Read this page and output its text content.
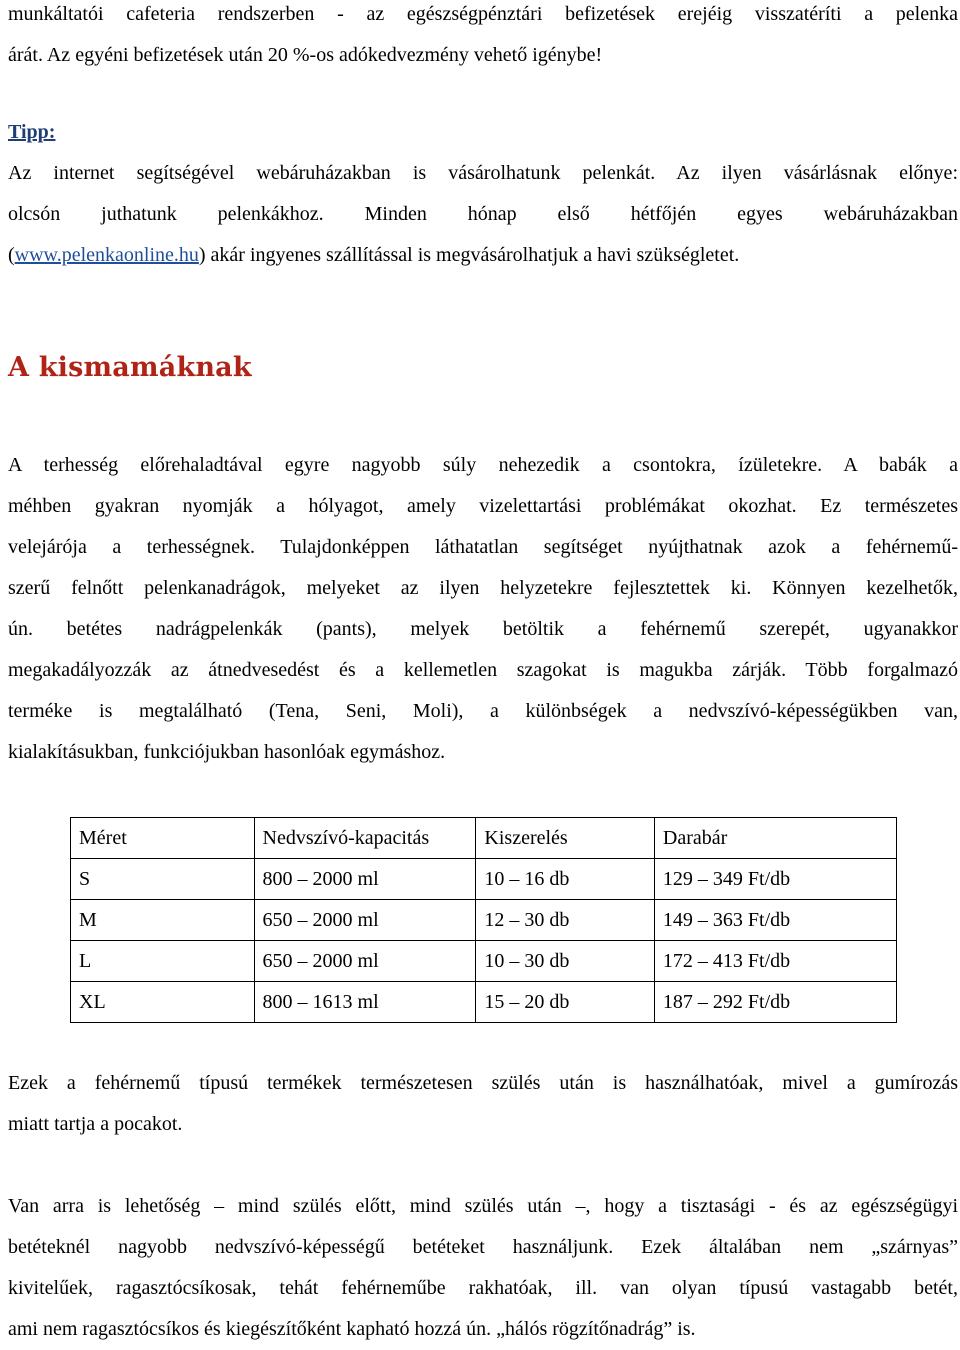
munkáltatói cafeteria rendszerben - az egészségpénztári befizetések erejéig visszatéríti a pelenka
árát. Az egyéni befizetések után 20 %-os adókedvezmény vehető igénybe!

Tipp:

Az internet segítségével webáruházakban is vásárolhatunk pelenkát. Az ilyen vásárlásnak előnye:
olcsón juthatunk pelenkákhoz. Minden hónap első hétfőjén egyes webáruházakban
(www.pelenkaonline.hu) akár ingyenes szállítással is megvásárolhatjuk a havi szükségletet.

A kismamáknak

A terhesség előrehaladtával egyre nagyobb súly nehezedik a csontokra, ízületekre. A babák a
méhben gyakran nyomják a hólyagot, amely vizelettartási problémákat okozhat. Ez természetes
velejárója a terhességnek. Tulajdonképpen láthatatlan segítséget nyújthatnak azok a fehérnemű-
szerű felnőtt pelenkanadrágok, melyeket az ilyen helyzetekre fejlesztettek ki. Könnyen kezelhetők,
ún. betétes nadrágpelenkák (pants), melyek betöltik a fehérnemű szerepét, ugyanakkor
megakadályozzák az átnedvesedést és a kellemetlen szagokat is magukba zárják. Több forgalmazó
terméke is megtalálható (Tena, Seni, Moli), a különbségek a nedvszívó-képességükben van,
kialakításukban, funkciójukban hasonlóak egymáshoz.

Méret	Nedvszívó-kapacitás	Kiszerelés	Darabár
S	800 – 2000 ml	10 – 16 db	129 – 349 Ft/db
M	650 – 2000 ml	12 – 30 db	149 – 363 Ft/db
L	650 – 2000 ml	10 – 30 db	172 – 413 Ft/db
XL	800 – 1613 ml	15 – 20 db	187 – 292 Ft/db

Ezek a fehérnemű típusú termékek természetesen szülés után is használhatóak, mivel a gumírozás
miatt tartja a pocakot.

Van arra is lehetőség – mind szülés előtt, mind szülés után –, hogy a tisztasági - és az egészségügyi
betéteknél nagyobb nedvszívó-képességű betéteket használjunk. Ezek általában nem „szárnyas”
kivitelűek, ragasztócsíkosak, tehát fehérneműbe rakhatóak, ill. van olyan típusú vastagabb betét,
ami nem ragasztócsíkos és kiegészítőként kapható hozzá ún. „hálós rögzítőnadrág” is.
